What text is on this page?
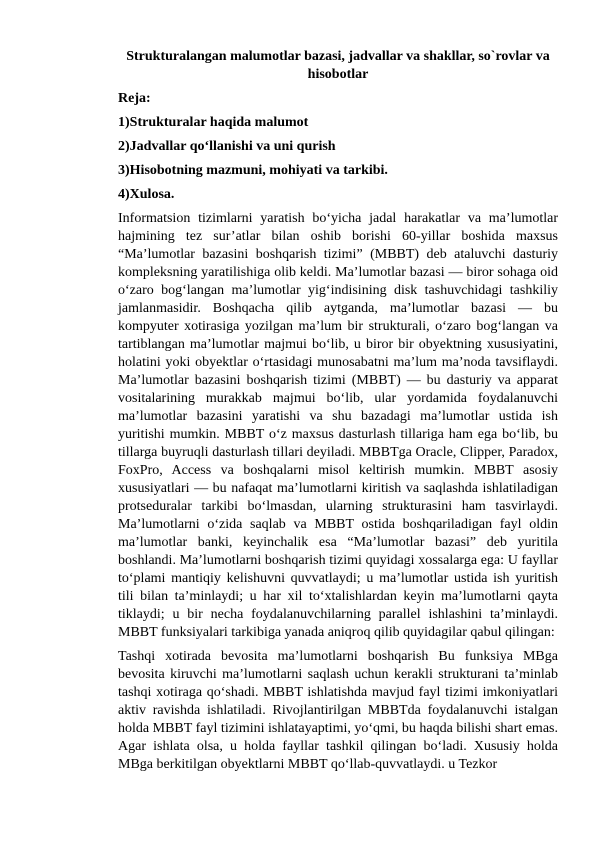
Strukturalangan malumotlar bazasi, jadvallar va shakllar, so`rovlar va hisobotlar
Reja:
1)Strukturalar haqida malumot
2)Jadvallar qo‘llanishi va uni qurish
3)Hisobotning mazmuni, mohiyati va tarkibi.
4)Xulosa.

Informatsion tizimlarni yaratish bo‘yicha jadal harakatlar va ma’lumotlar hajmining tez sur’atlar bilan oshib borishi 60-yillar boshida maxsus “Ma’lumotlar bazasini boshqarish tizimi” (MBBT) deb ataluvchi dasturiy kompleksning yaratilishiga olib keldi. Ma’lumotlar bazasi — biror sohaga oid o‘zaro bog‘langan ma’lumotlar yig‘indisining disk tashuvchidagi tashkiliy jamlanmasidir. Boshqacha qilib aytganda, ma’lumotlar bazasi — bu kompyuter xotirasiga yozilgan ma’lum bir strukturali, o‘zaro bog‘langan va tartiblangan ma’lumotlar majmui bo‘lib, u biror bir obyektning xususiyatini, holatini yoki obyektlar o‘rtasidagi munosabatni ma’lum ma’noda tavsiflaydi. Ma’lumotlar bazasini boshqarish tizimi (MBBT) — bu dasturiy va apparat vositalarining murakkab majmui bo‘lib, ular yordamida foydalanuvchi ma’lumotlar bazasini yaratishi va shu bazadagi ma’lumotlar ustida ish yuritishi mumkin. MBBT o‘z maxsus dasturlash tillariga ham ega bo‘lib, bu tillarga buyruqli dasturlash tillari deyiladi. MBBTga Oracle, Clipper, Paradox, FoxPro, Access va boshqalarni misol keltirish mumkin. MBBT asosiy xususiyatlari — bu nafaqat ma’lumotlarni kiritish va saqlashda ishlatiladigan protseduralar tarkibi bo‘lmasdan, ularning strukturasini ham tasvirlaydi. Ma’lumotlarni o‘zida saqlab va MBBT ostida boshqariladigan fayl oldin ma’lumotlar banki, keyinchalik esa “Ma’lumotlar bazasi” deb yuritila boshlandi. Ma’lumotlarni boshqarish tizimi quyidagi xossalarga ega: U fayllar to‘plami mantiqiy kelishuvni quvvatlaydi; u ma’lumotlar ustida ish yuritish tili bilan ta’minlaydi; u har xil to‘xtalishlardan keyin ma’lumotlarni qayta tiklaydi; u bir necha foydalanuvchilarning parallel ishlashini ta’minlaydi. MBBT funksiyalari tarkibiga yanada aniqroq qilib quyidagilar qabul qilingan:

Tashqi xotirada bevosita ma’lumotlarni boshqarish Bu funksiya MBga bevosita kiruvchi ma’lumotlarni saqlash uchun kerakli strukturani ta’minlab tashqi xotiraga qo‘shadi. MBBT ishlatishda mavjud fayl tizimi imkoniyatlari aktiv ravishda ishlatiladi. Rivojlantirilgan MBBTda foydalanuvchi istalgan holda MBBT fayl tizimini ishlatayaptimi, yo‘qmi, bu haqda bilishi shart emas. Agar ishlata olsa, u holda fayllar tashkil qilingan bo‘ladi. Xususiy holda MBga berkitilgan obyektlarni MBBT qo‘llab-quvvatlaydi. u Tezkor
